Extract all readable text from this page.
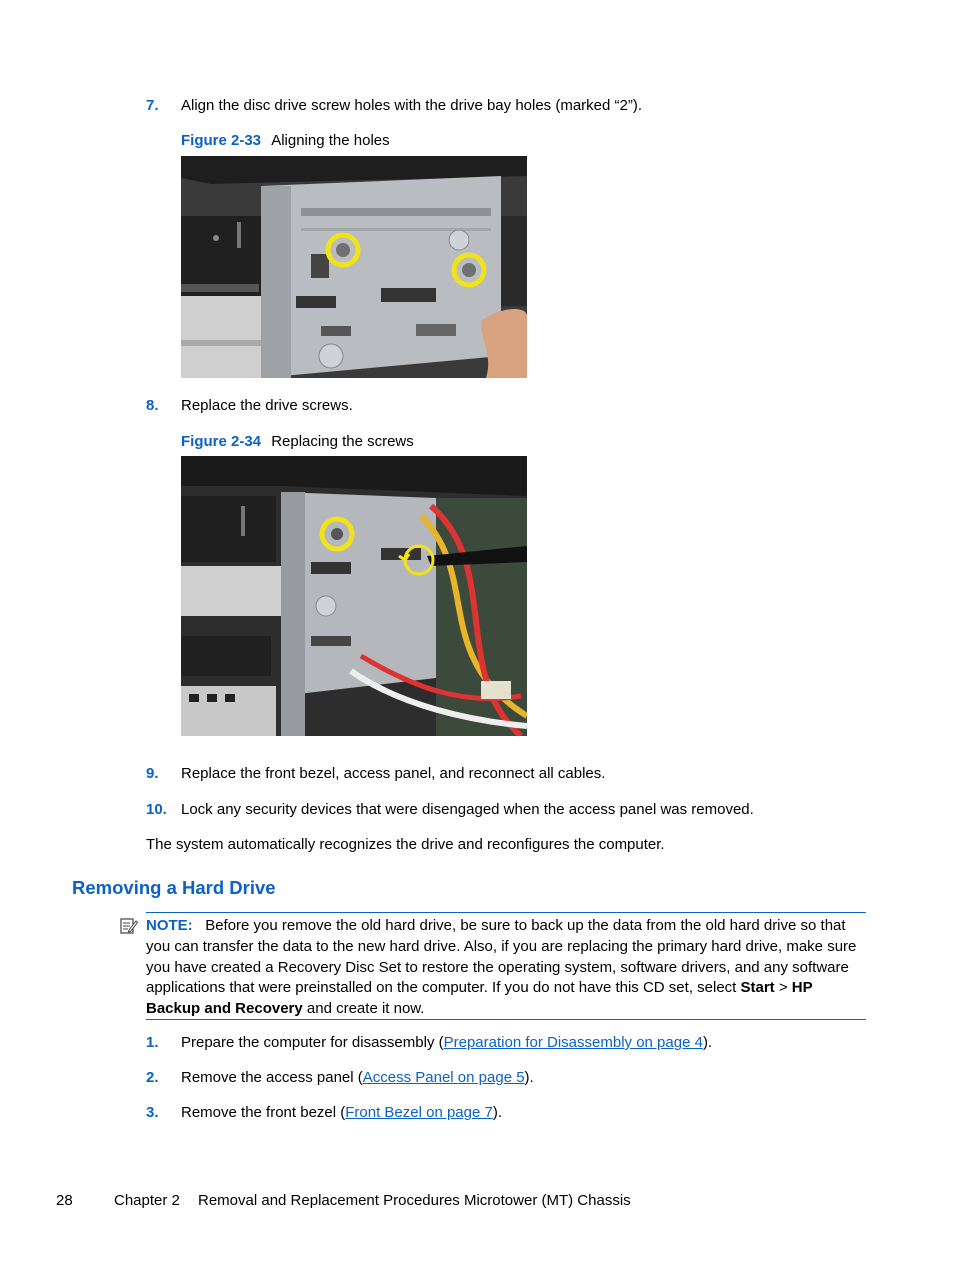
7. Align the disc drive screw holes with the drive bay holes (marked “2”).
Figure 2-33 Aligning the holes
8. Replace the drive screws.
Figure 2-34 Replacing the screws
9. Replace the front bezel, access panel, and reconnect all cables.
10. Lock any security devices that were disengaged when the access panel was removed.
The system automatically recognizes the drive and reconfigures the computer.
Removing a Hard Drive
NOTE: Before you remove the old hard drive, be sure to back up the data from the old hard drive so that you can transfer the data to the new hard drive. Also, if you are replacing the primary hard drive, make sure you have created a Recovery Disc Set to restore the operating system, software drivers, and any software applications that were preinstalled on the computer. If you do not have this CD set, select Start > HP Backup and Recovery and create it now.
1. Prepare the computer for disassembly (Preparation for Disassembly on page 4).
2. Remove the access panel (Access Panel on page 5).
3. Remove the front bezel (Front Bezel on page 7).
28	Chapter 2 Removal and Replacement Procedures Microtower (MT) Chassis
